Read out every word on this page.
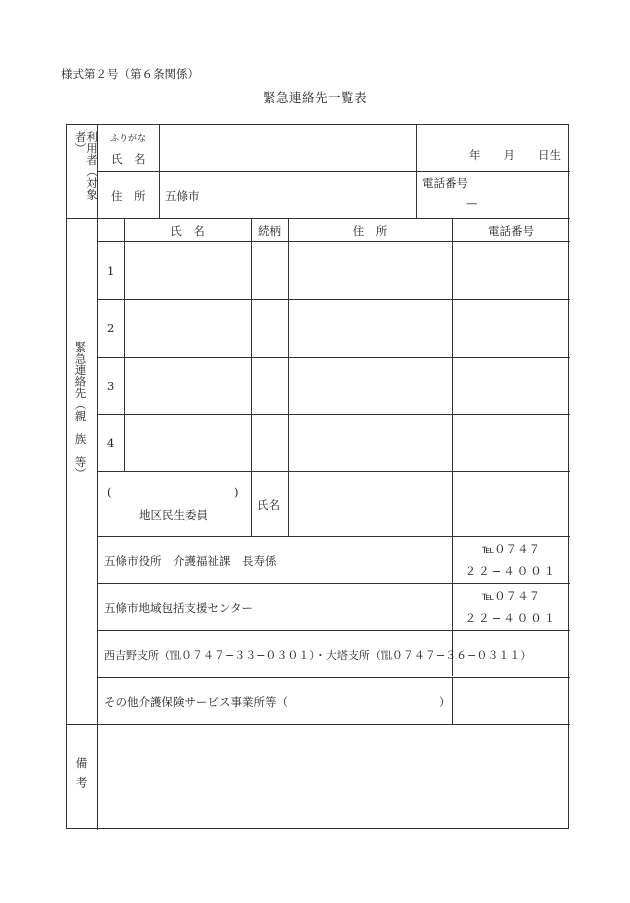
様式第２号（第６条関係）
緊急連絡先一覧表
利用者（対象者）	ふりがな
氏　名	年　　月　　日生
住　所 五條市
電話番号
—
緊急連絡先（親　族　等）
氏　名	続柄	住　所	電話番号
1
2
3
4
(	)
地区民生委員
氏名
五條市役所　介護福祉課　長寿係
℡０７４７
２２−４００１
五條市地域包括支援センター
℡０７４７
２２−４００１
西吉野支所（℡０７４７−３３−０３０１）・大塔支所（℡０７４７−３６−０３１１）
その他介護保険サービス事業所等（	）
備考
